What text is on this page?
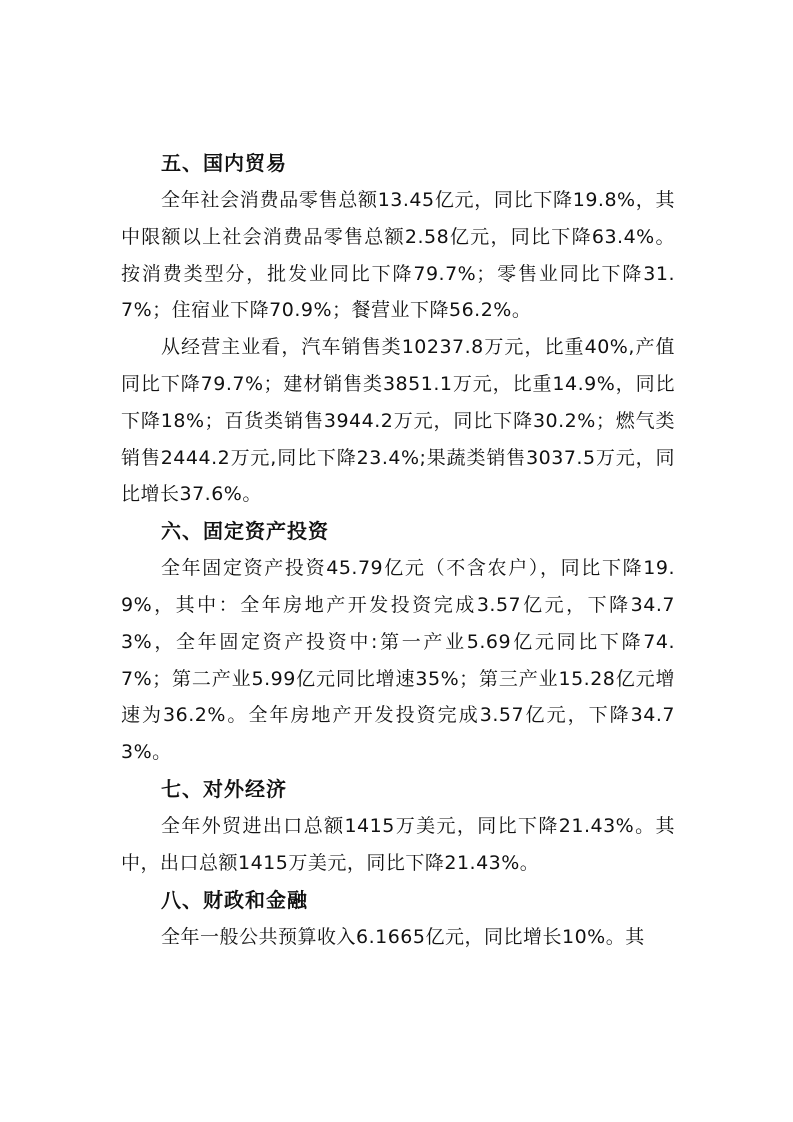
五、国内贸易

全年社会消费品零售总额13.45亿元，同比下降19.8%，其中限额以上社会消费品零售总额2.58亿元，同比下降63.4%。按消费类型分，批发业同比下降79.7%；零售业同比下降31.7%；住宿业下降70.9%；餐营业下降56.2%。

从经营主业看，汽车销售类10237.8万元，比重40%,产值同比下降79.7%；建材销售类3851.1万元，比重14.9%，同比下降18%；百货类销售3944.2万元，同比下降30.2%；燃气类销售2444.2万元,同比下降23.4%;果蔬类销售3037.5万元，同比增长37.6%。

六、固定资产投资

全年固定资产投资45.79亿元（不含农户），同比下降19.9%，其中：全年房地产开发投资完成3.57亿元，下降34.73%，全年固定资产投资中:第一产业5.69亿元同比下降74.7%；第二产业5.99亿元同比增速35%；第三产业15.28亿元增速为36.2%。全年房地产开发投资完成3.57亿元，下降34.73%。

七、对外经济

全年外贸进出口总额1415万美元，同比下降21.43%。其中，出口总额1415万美元，同比下降21.43%。

八、财政和金融

全年一般公共预算收入6.1665亿元，同比增长10%。其
